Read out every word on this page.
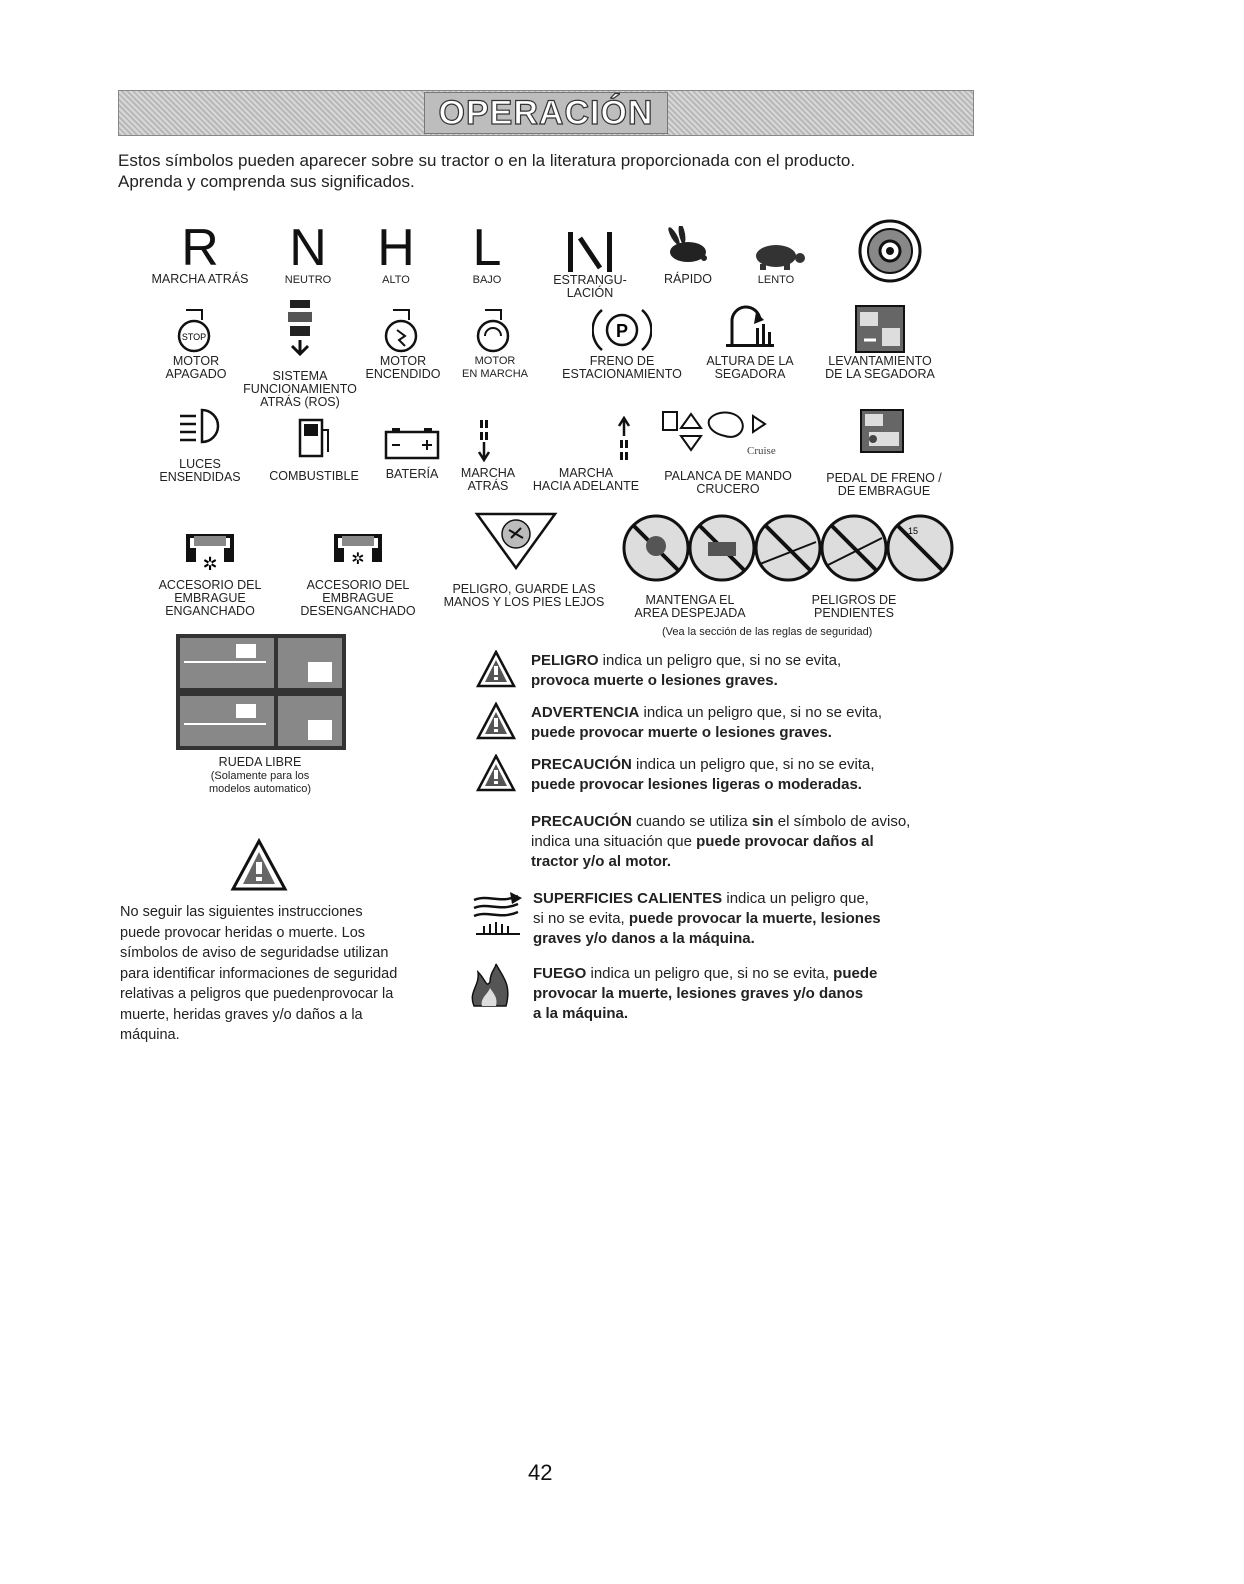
OPERACIÓN
Estos símbolos pueden aparecer sobre su tractor o en la literatura proporcionada con el producto.
Aprenda y comprenda sus significados.
R
MARCHA ATRÁS
N
NEUTRO
H
ALTO
L
BAJO	ESTRANGU-
LACIÓN
RÁPIDO	LENTO
STOP
MOTOR
APAGADO	SISTEMA
FUNCIONAMIENTO
ATRÁS (ROS)
MOTOR
ENCENDIDO
MOTOR
EN MARCHA
P
FRENO DE
ESTACIONAMIENTO
ALTURA DE LA
SEGADORA
LEVANTAMIENTO
DE LA SEGADORA
LUCES
ENSENDIDAS COMBUSTIBLE BATERÍA MARCHA
ATRÁS
MARCHA
HACIA ADELANTE
Cruise
PALANCA DE MANDO
CRUCERO
PEDAL DE FRENO /
DE EMBRAGUE
✲
ACCESORIO DEL
EMBRAGUE
ENGANCHADO
✲
ACCESORIO DEL
EMBRAGUE
DESENGANCHADO
PELIGRO, GUARDE LAS
MANOS Y LOS PIES LEJOS
15
MANTENGA EL
AREA DESPEJADA
PELIGROS DE
PENDIENTES
(Vea la sección de las reglas de seguridad)
RUEDA LIBRE
(Solamente para los
modelos automatico)
No seguir las siguientes instrucciones
puede provocar heridas o muerte. Los
símbolos de aviso de seguridadse utilizan
para identificar informaciones de seguridad
relativas a peligros que puedenprovocar la
muerte, heridas graves y/o daños a la
máquina.
PELIGRO indica un peligro que, si no se evita,
provoca muerte o lesiones graves.
ADVERTENCIA indica un peligro que, si no se evita,
puede provocar muerte o lesiones graves.
PRECAUCIÓN indica un peligro que, si no se evita,
puede provocar lesiones ligeras o moderadas.
PRECAUCIÓN cuando se utiliza sin el símbolo de aviso,
indica una situación que puede provocar daños al
tractor y/o al motor.
SUPERFICIES CALIENTES indica un peligro que,
si no se evita, puede provocar la muerte, lesiones
graves y/o danos a la máquina.
FUEGO indica un peligro que, si no se evita, puede
provocar la muerte, lesiones graves y/o danos
a la máquina.
42
